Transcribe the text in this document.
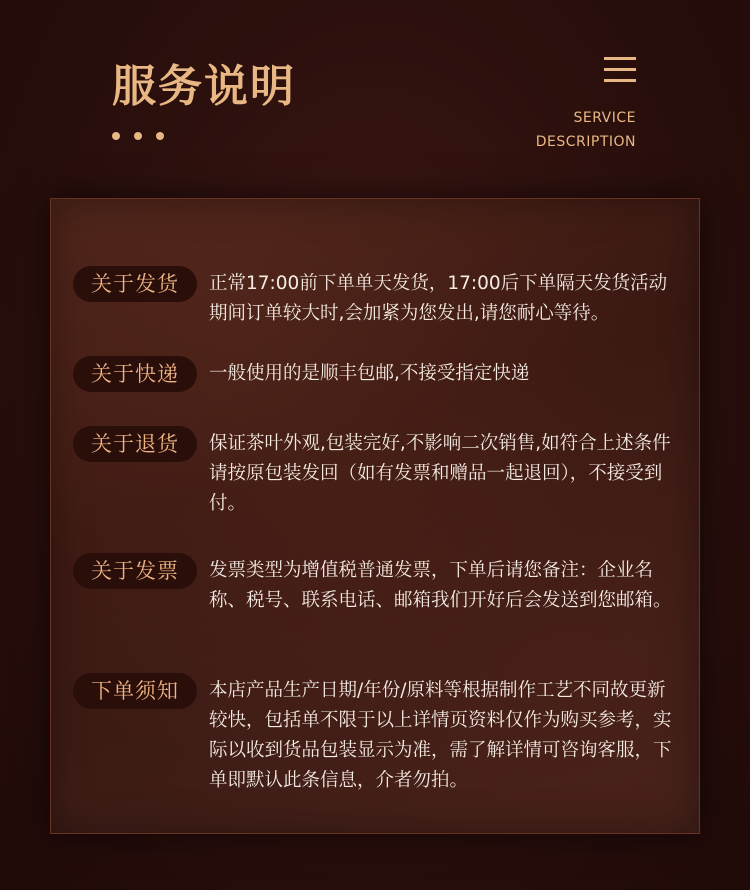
服务说明
SERVICE
DESCRIPTION
关于发货	正常17:00前下单单天发货，17:00后下单隔天发货活动期间订单较大时,会加紧为您发出,请您耐心等待。
关于快递	一般使用的是顺丰包邮,不接受指定快递
关于退货	保证茶叶外观,包装完好,不影响二次销售,如符合上述条件请按原包装发回（如有发票和赠品一起退回），不接受到付。
关于发票	发票类型为增值税普通发票，下单后请您备注：企业名称、税号、联系电话、邮箱我们开好后会发送到您邮箱。
下单须知	本店产品生产日期/年份/原料等根据制作工艺不同故更新较快，包括单不限于以上详情页资料仅作为购买参考，实际以收到货品包装显示为准，需了解详情可咨询客服，下单即默认此条信息，介者勿拍。
